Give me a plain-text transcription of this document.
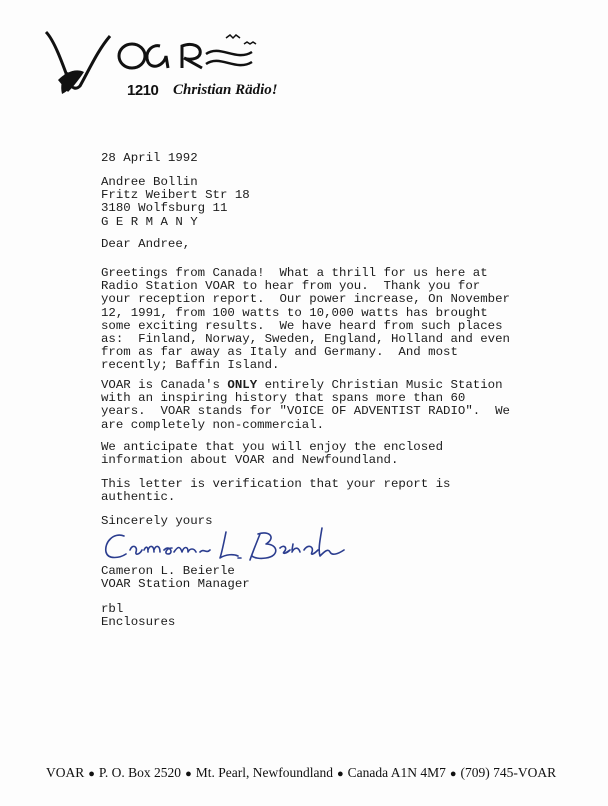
1210 Christian Rädio!
28 April 1992
Andree Bollin
Fritz Weibert Str 18
3180 Wolfsburg 11
G E R M A N Y
Dear Andree,
Greetings from Canada!  What a thrill for us here at
Radio Station VOAR to hear from you.  Thank you for
your reception report.  Our power increase, On November
12, 1991, from 100 watts to 10,000 watts has brought
some exciting results.  We have heard from such places
as:  Finland, Norway, Sweden, England, Holland and even
from as far away as Italy and Germany.  And most
recently; Baffin Island.
VOAR is Canada's ONLY entirely Christian Music Station
with an inspiring history that spans more than 60
years.  VOAR stands for "VOICE OF ADVENTIST RADIO".  We
are completely non-commercial.
We anticipate that you will enjoy the enclosed
information about VOAR and Newfoundland.
This letter is verification that your report is
authentic.
Sincerely yours
Cameron L. Beierle
VOAR Station Manager
rbl
Enclosures
VOAR ● P. O. Box 2520 ● Mt. Pearl, Newfoundland ● Canada A1N 4M7 ● (709) 745-VOAR
